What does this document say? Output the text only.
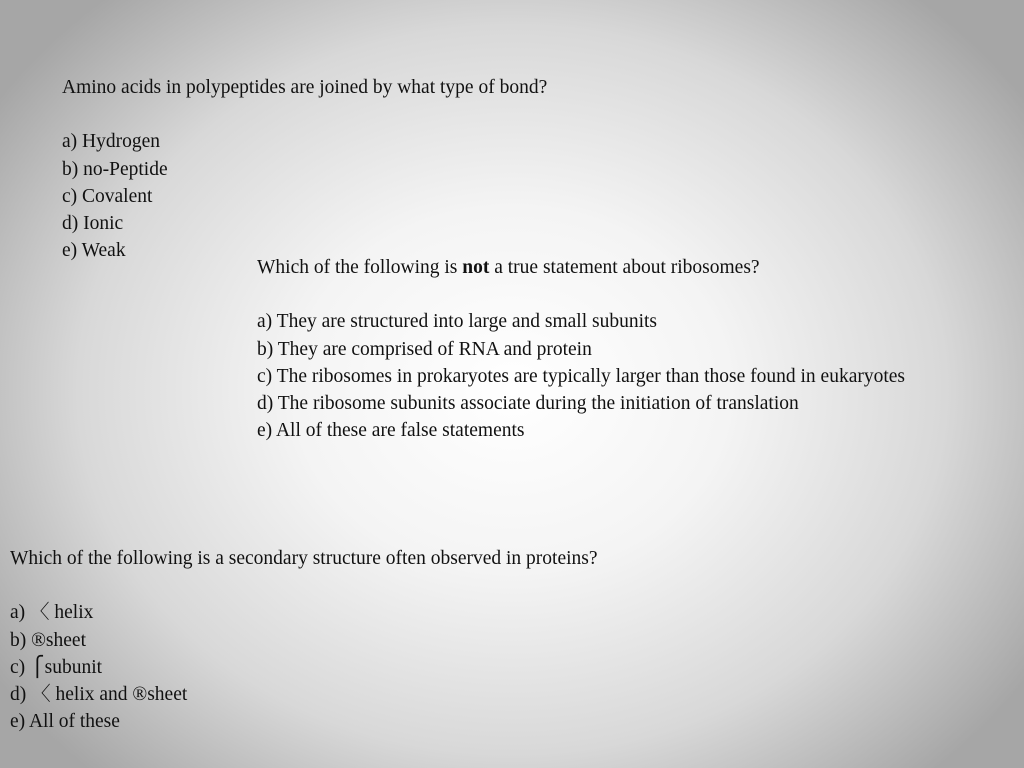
Amino acids in polypeptides are joined by what type of bond?
a) Hydrogen
b) no-Peptide
c) Covalent
d) Ionic
e) Weak
Which of the following is not a true statement about ribosomes?
a) They are structured into large and small subunits
b) They are comprised of RNA and protein
c) The ribosomes in prokaryotes are typically larger than those found in eukaryotes
d) The ribosome subunits associate during the initiation of translation
e) All of these are false statements
Which of the following is a secondary structure often observed in proteins?
a) 〈 helix
b) ®sheet
c) ⎧subunit
d) 〈 helix and ®sheet
e) All of these
